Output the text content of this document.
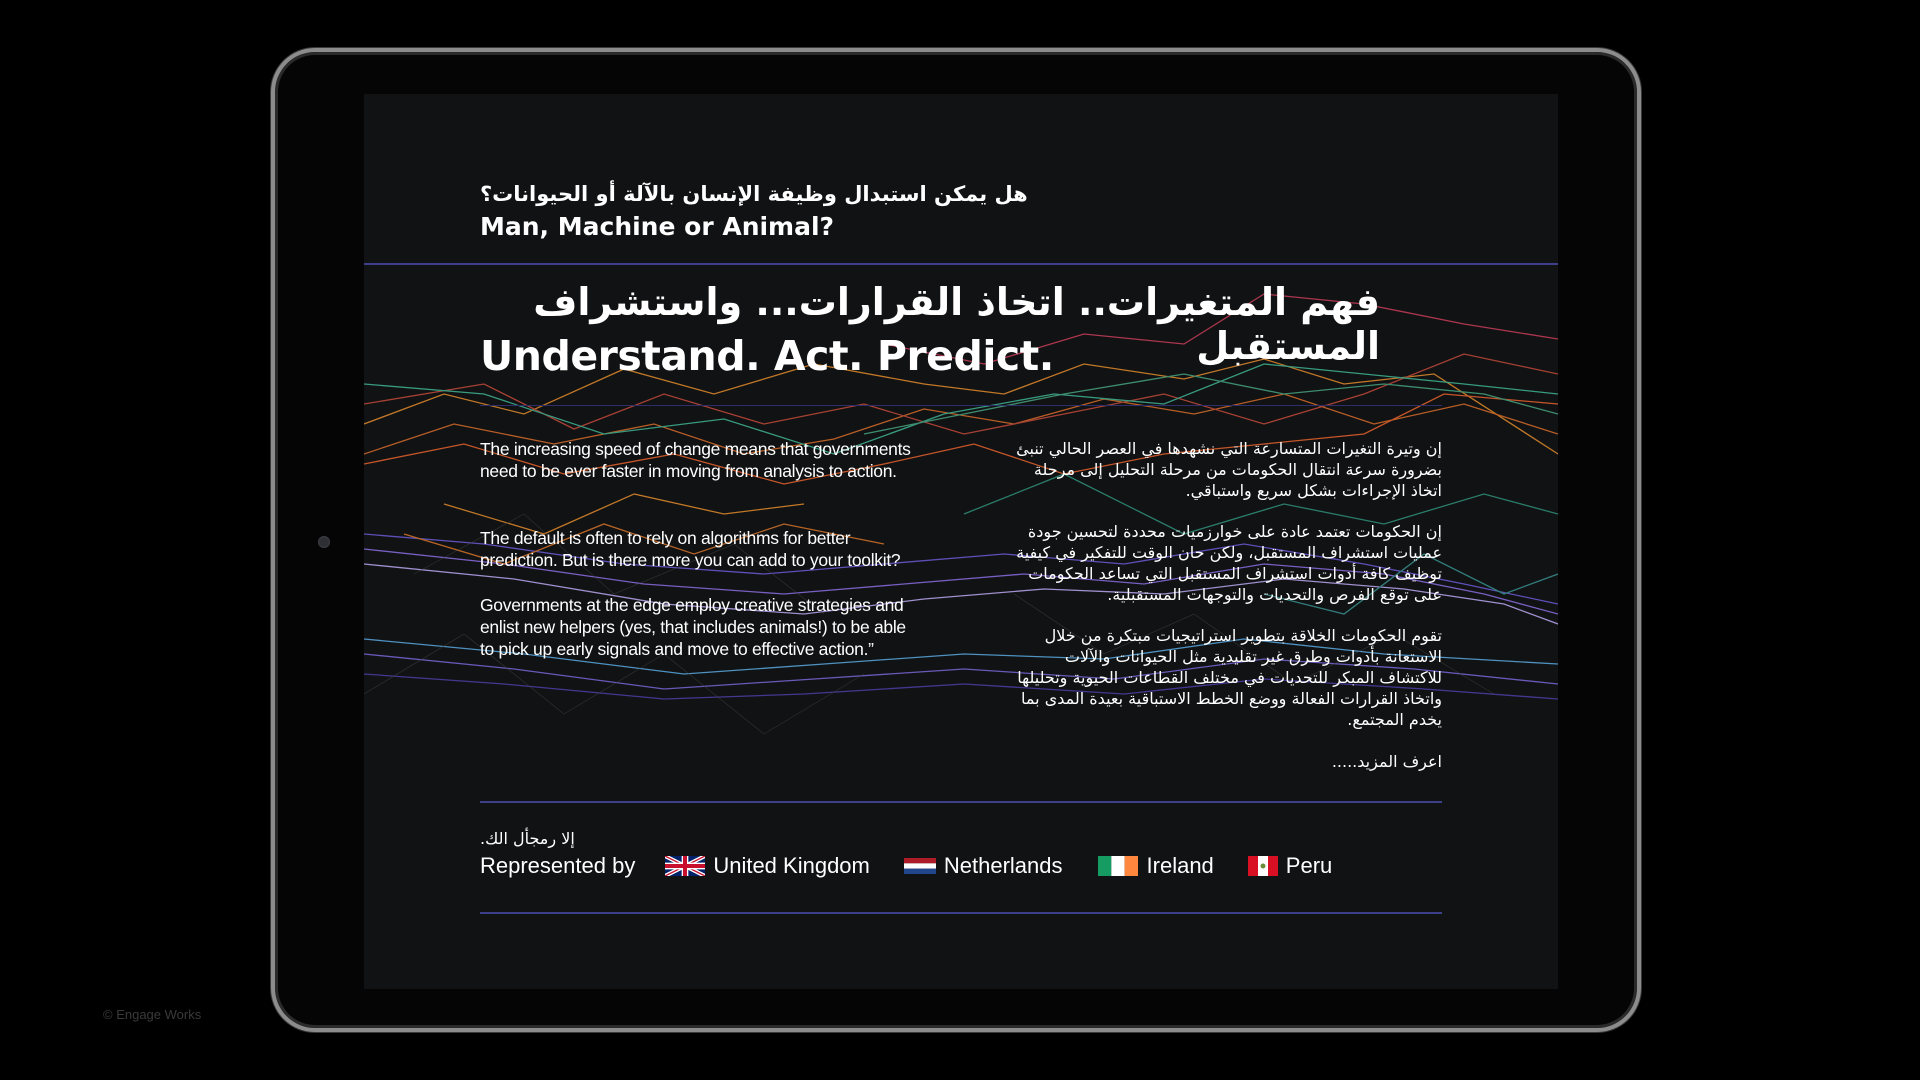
هل يمكن استبدال وظيفة الإنسان بالآلة أو الحيوانات؟
Man, Machine or Animal?
فهم المتغيرات.. اتخاذ القرارات... واستشراف المستقبل
Understand. Act. Predict.
The increasing speed of change means that governments need to be ever faster in moving from analysis to action.
The default is often to rely on algorithms for better prediction. But is there more you can add to your toolkit?
Governments at the edge employ creative strategies and enlist new helpers (yes, that includes animals!) to be able to pick up early signals and move to effective action.”
إن وتيرة التغيرات المتسارعة التي نشهدها في العصر الحالي تنبئ بضرورة سرعة انتقال الحكومات من مرحلة التحليل إلى مرحلة اتخاذ الإجراءات بشكل سريع واستباقي.
إن الحكومات تعتمد عادة على خوارزميات محددة لتحسين جودة عمليات استشراف المستقبل، ولكن حان الوقت للتفكير في كيفية توظيف كافة أدوات استشراف المستقبل التي تساعد الحكومات على توقع الفرص والتحديات والتوجهات المستقبلية.
تقوم الحكومات الخلاقة بتطوير استراتيجيات مبتكرة من خلال الاستعانة بأدوات وطرق غير تقليدية مثل الحيوانات والآلات للاكتشاف المبكر للتحديات في مختلف القطاعات الحيوية وتحليلها واتخاذ القرارات الفعالة ووضع الخطط الاستباقية بعيدة المدى بما يخدم المجتمع.
اعرف المزيد.....
إلا رمجأل الك.
Represented by	United Kingdom	Netherlands	Ireland	Peru
© Engage Works
